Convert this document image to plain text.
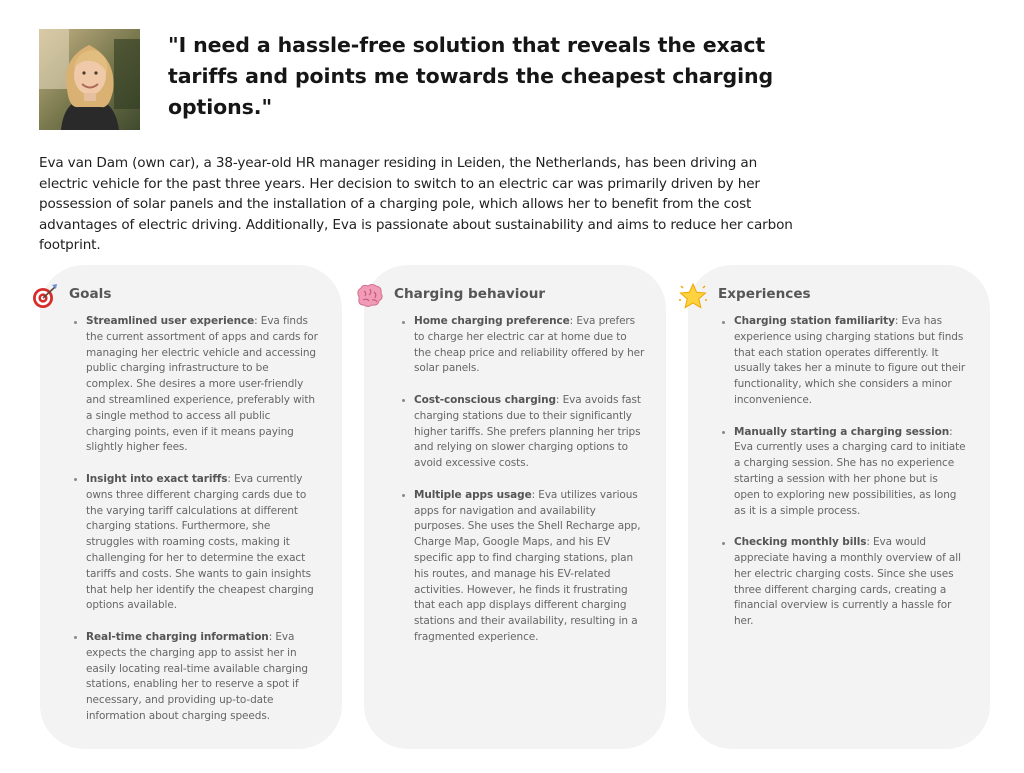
"I need a hassle-free solution that reveals the exact tariffs and points me towards the cheapest charging options."

Eva van Dam (own car), a 38-year-old HR manager residing in Leiden, the Netherlands, has been driving an electric vehicle for the past three years. Her decision to switch to an electric car was primarily driven by her possession of solar panels and the installation of a charging pole, which allows her to benefit from the cost advantages of electric driving. Additionally, Eva is passionate about sustainability and aims to reduce her carbon footprint.

Goals
Streamlined user experience: Eva finds the current assortment of apps and cards for managing her electric vehicle and accessing public charging infrastructure to be complex. She desires a more user-friendly and streamlined experience, preferably with a single method to access all public charging points, even if it means paying slightly higher fees.
Insight into exact tariffs: Eva currently owns three different charging cards due to the varying tariff calculations at different charging stations. Furthermore, she struggles with roaming costs, making it challenging for her to determine the exact tariffs and costs. She wants to gain insights that help her identify the cheapest charging options available.
Real-time charging information: Eva expects the charging app to assist her in easily locating real-time available charging stations, enabling her to reserve a spot if necessary, and providing up-to-date information about charging speeds.
Charging behaviour
Home charging preference: Eva prefers to charge her electric car at home due to the cheap price and reliability offered by her solar panels.
Cost-conscious charging: Eva avoids fast charging stations due to their significantly higher tariffs. She prefers planning her trips and relying on slower charging options to avoid excessive costs.
Multiple apps usage: Eva utilizes various apps for navigation and availability purposes. She uses the Shell Recharge app, Charge Map, Google Maps, and his EV specific app to find charging stations, plan his routes, and manage his EV-related activities. However, he finds it frustrating that each app displays different charging stations and their availability, resulting in a fragmented experience.
Experiences
Charging station familiarity: Eva has experience using charging stations but finds that each station operates differently. It usually takes her a minute to figure out their functionality, which she considers a minor inconvenience.
Manually starting a charging session: Eva currently uses a charging card to initiate a charging session. She has no experience starting a session with her phone but is open to exploring new possibilities, as long as it is a simple process.
Checking monthly bills: Eva would appreciate having a monthly overview of all her electric charging costs. Since she uses three different charging cards, creating a financial overview is currently a hassle for her.
